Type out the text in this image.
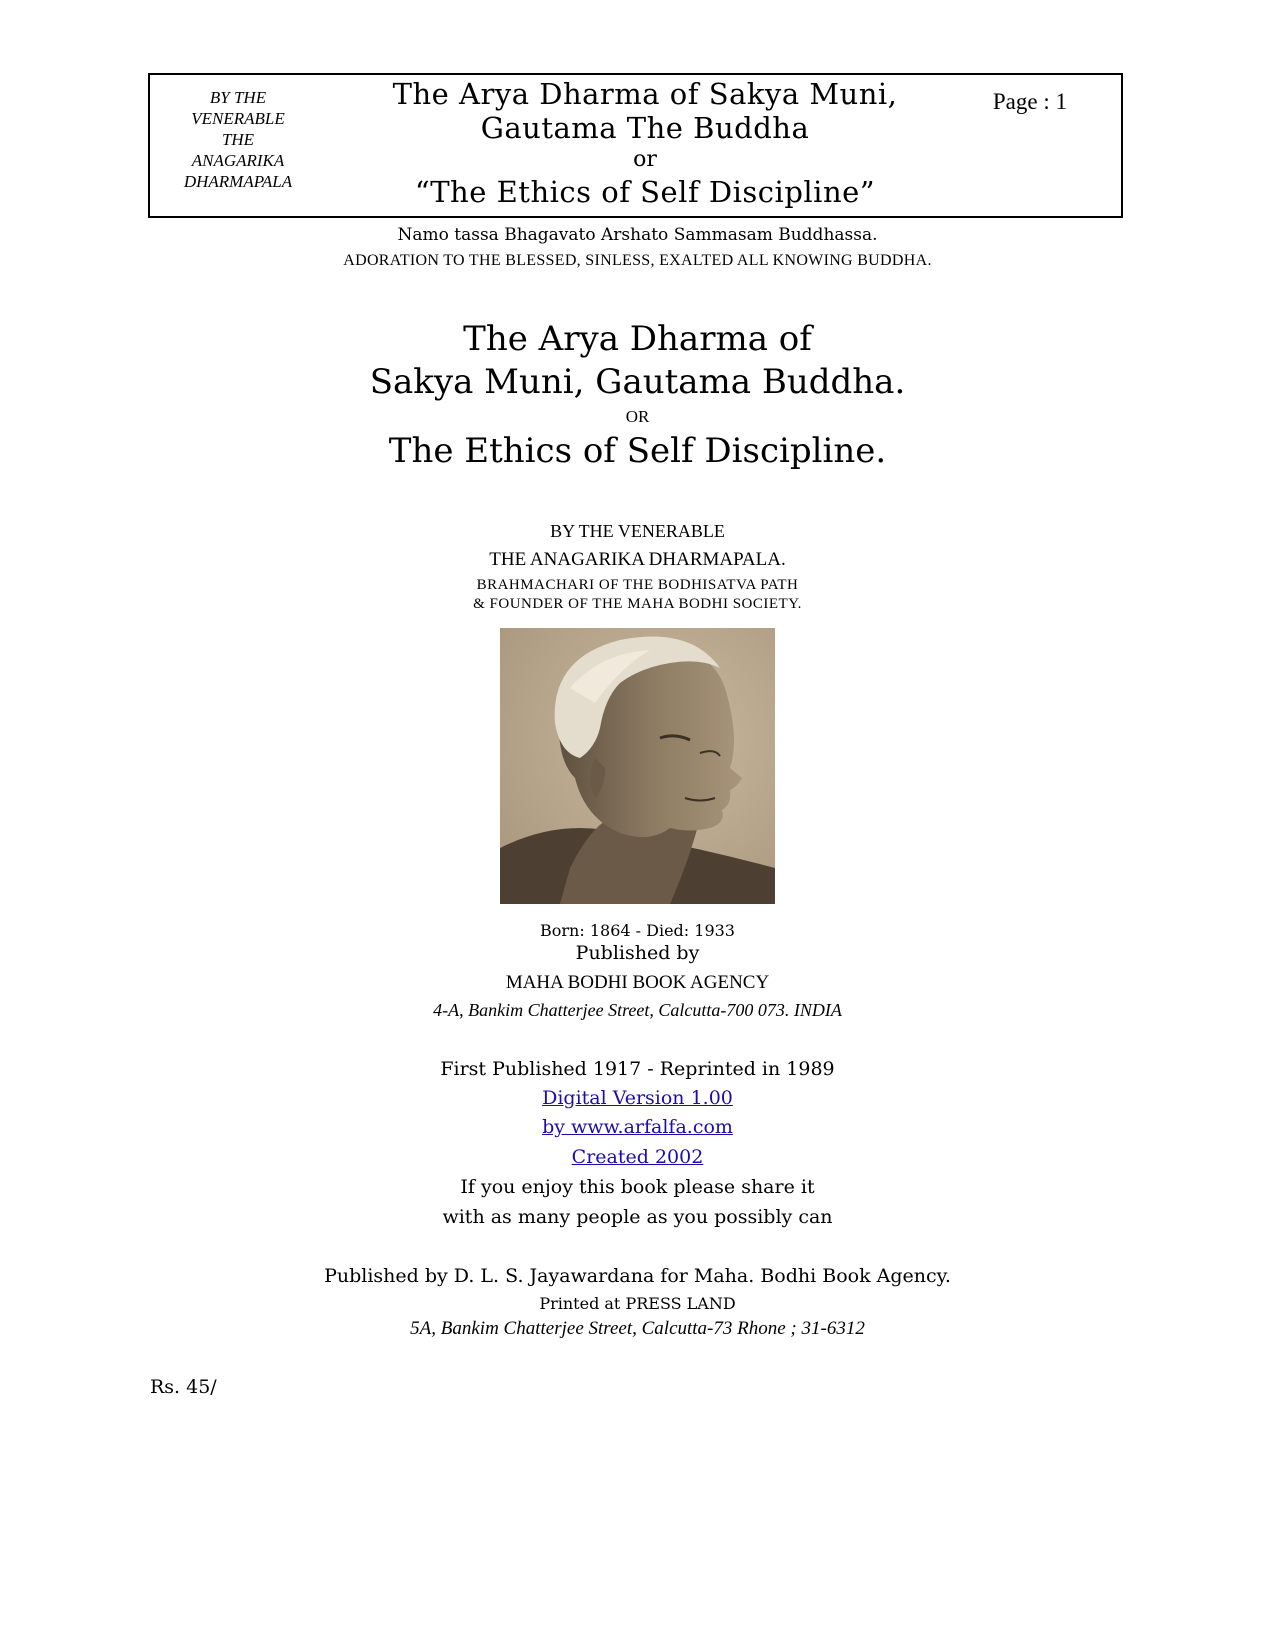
BY THE
VENERABLE
THE
ANAGARIKA
DHARMAPALA
The Arya Dharma of Sakya Muni,
Gautama The Buddha
or
“The Ethics of Self Discipline”
Page : 1
Namo tassa Bhagavato Arshato Sammasam Buddhassa.
ADORATION TO THE BLESSED, SINLESS, EXALTED ALL KNOWING BUDDHA.
The Arya Dharma of
Sakya Muni, Gautama Buddha.
OR
The Ethics of Self Discipline.
BY THE VENERABLE
THE ANAGARIKA DHARMAPALA.
BRAHMACHARI OF THE BODHISATVA PATH
& FOUNDER OF THE MAHA BODHI SOCIETY.
Born: 1864 - Died: 1933
Published by
MAHA BODHI BOOK AGENCY
4-A, Bankim Chatterjee Street, Calcutta-700 073. INDIA
First Published 1917 - Reprinted in 1989
Digital Version 1.00
by www.arfalfa.com
Created 2002
If you enjoy this book please share it
with as many people as you possibly can
Published by D. L. S. Jayawardana for Maha. Bodhi Book Agency.
Printed at PRESS LAND
5A, Bankim Chatterjee Street, Calcutta-73 Rhone ; 31-6312
Rs. 45/
